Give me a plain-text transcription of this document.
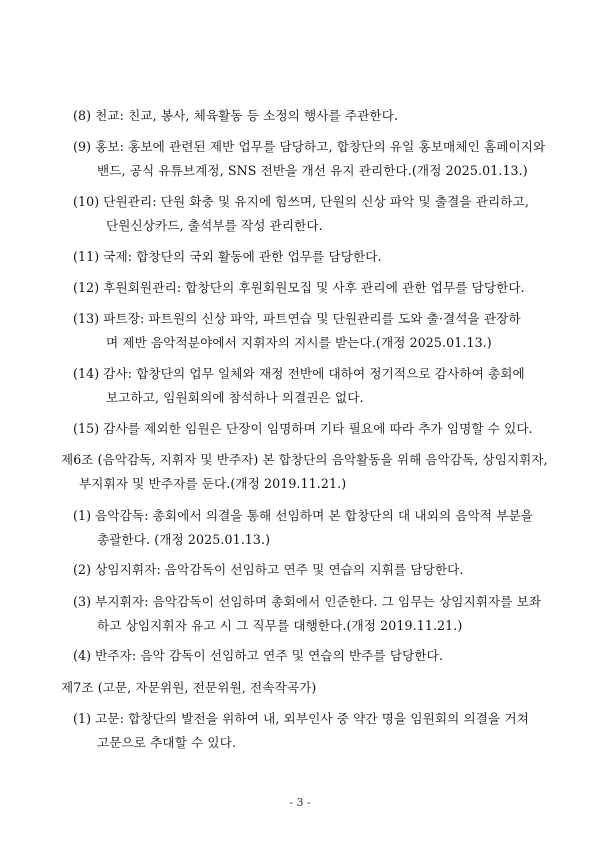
(8) 천교: 친교, 봉사, 체육활동 등 소정의 행사를 주관한다.
(9) 홍보: 홍보에 관련된 제반 업무를 담당하고, 합창단의 유일 홍보매체인 홈페이지와
밴드, 공식 유튜브계정, SNS 전반을 개선 유지 관리한다.(개정 2025.01.13.)
(10) 단원관리: 단원 화충 및 유지에 힘쓰며, 단원의 신상 파악 및 출결을 관리하고,
단원신상카드, 출석부를 작성 관리한다.
(11) 국제: 합창단의 국외 활동에 관한 업무를 담당한다.
(12) 후원회원관리: 합창단의 후원회원모집 및 사후 관리에 관한 업무를 담당한다.
(13) 파트장: 파트원의 신상 파악, 파트연습 및 단원관리를 도와 출·결석을 관장하
며 제반 음악적분야에서 지휘자의 지시를 받는다.(개정 2025.01.13.)
(14) 감사: 합창단의 업무 일체와 재정 전반에 대하여 정기적으로 감사하여 총회에
보고하고, 임원회의에 참석하나 의결권은 없다.
(15) 감사를 제외한 임원은 단장이 임명하며 기타 필요에 따라 추가 임명할 수 있다.
제6조 (음악감독, 지휘자 및 반주자) 본 합창단의 음악활동을 위해 음악감독, 상임지휘자,
부지휘자 및 반주자를 둔다.(개정 2019.11.21.)
(1) 음악감독: 총회에서 의결을 통해 선임하며 본 합창단의 대 내외의 음악적 부분을
총괄한다. (개정 2025.01.13.)
(2) 상임지휘자: 음악감독이 선임하고 연주 및 연습의 지휘를 담당한다.
(3) 부지휘자: 음악감독이 선임하며 총회에서 인준한다. 그 임무는 상임지휘자를 보좌
하고 상임지휘자 유고 시 그 직무를 대행한다.(개정 2019.11.21.)
(4) 반주자: 음악 감독이 선임하고 연주 및 연습의 반주를 담당한다.
제7조 (고문, 자문위원, 전문위원, 전속작곡가)
(1) 고문: 합창단의 발전을 위하여 내, 외부인사 중 약간 명을 임원회의 의결을 거쳐
고문으로 추대할 수 있다.
- 3 -
